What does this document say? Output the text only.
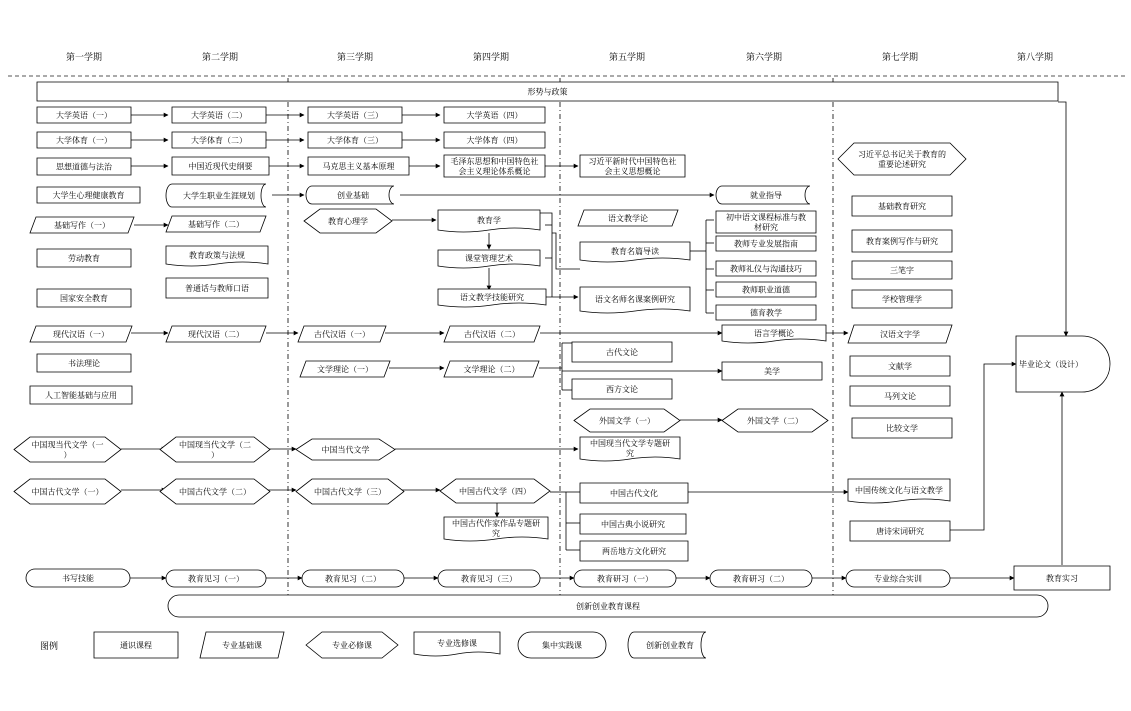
第一学期	第二学期	第三学期	第四学期	第五学期	第六学期	第七学期	第八学期
形势与政策
大学英语（一）	大学英语（二）	大学英语（三）	大学英语（四）
大学体育（一）	大学体育（二）	大学体育（三）	大学体育（四）
思想道德与法治	中国近现代史纲要	马克思主义基本原理
毛泽东思想和中国特色社会主义理论体系概论
习近平新时代中国特色社会主义思想概论
习近平总书记关于教育的重要论述研究
大学生心理健康教育	大学生职业生涯规划	创业基础	就业指导
基础写作（一）	基础写作（二）	教育心理学	教育学	语文教学论
教育名篇导读
初中语文课程标准与教材研究
教师专业发展指南
教师礼仪与沟通技巧
教师职业道德
德育教学
基础教育研究
教育案例写作与研究
三笔字
学校管理学
劳动教育	教育政策与法规	课堂管理艺术
普通话与教师口语
国家安全教育	语文教学技能研究	语文名师名课案例研究
现代汉语（一）	现代汉语（二）	古代汉语（一）	古代汉语（二）	语言学概论	汉语文字学
书法理论
文学理论（一）	文学理论（二）
古代文论
西方文论
美学
文献学
马列文论
人工智能基础与应用
外国文学（一）	外国文学（二）
比较文学
毕业论文（设计）
中国现当代文学（一）
中国现当代文学（二）
中国当代文学
中国现当代文学专题研究
中国古代文学（一）	中国古代文学（二）	中国古代文学（三）	中国古代文学（四）	中国古代文化	中国传统文化与语文教学
中国古代作家作品专题研究
中国古典小说研究
唐诗宋词研究
两岳地方文化研究
书写技能	教育见习（一）	教育见习（二）	教育见习（三）	教育研习（一）	教育研习（二）	专业综合实训	教育实习
创新创业教育课程
图例	通识课程	专业基础课	专业必修课	专业选修课	集中实践课	创新创业教育
